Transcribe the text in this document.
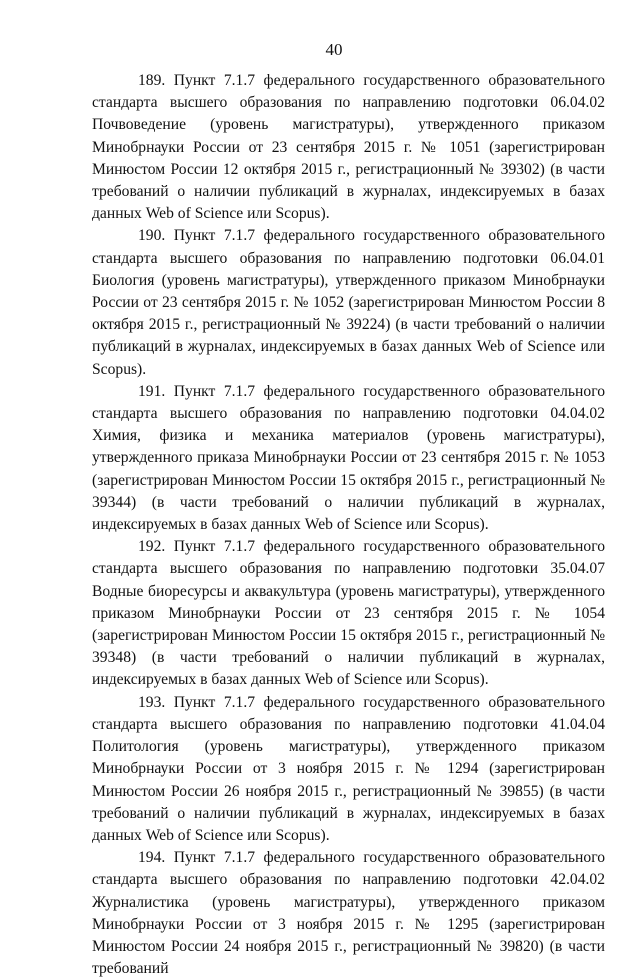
40

189. Пункт 7.1.7 федерального государственного образовательного стандарта высшего образования по направлению подготовки 06.04.02 Почвоведение (уровень магистратуры), утвержденного приказом Минобрнауки России от 23 сентября 2015 г. № 1051 (зарегистрирован Минюстом России 12 октября 2015 г., регистрационный № 39302) (в части требований о наличии публикаций в журналах, индексируемых в базах данных Web of Science или Scopus).

190. Пункт 7.1.7 федерального государственного образовательного стандарта высшего образования по направлению подготовки 06.04.01 Биология (уровень магистратуры), утвержденного приказом Минобрнауки России от 23 сентября 2015 г. № 1052 (зарегистрирован Минюстом России 8 октября 2015 г., регистрационный № 39224) (в части требований о наличии публикаций в журналах, индексируемых в базах данных Web of Science или Scopus).

191. Пункт 7.1.7 федерального государственного образовательного стандарта высшего образования по направлению подготовки 04.04.02 Химия, физика и механика материалов (уровень магистратуры), утвержденного приказа Минобрнауки России от 23 сентября 2015 г. № 1053 (зарегистрирован Минюстом России 15 октября 2015 г., регистрационный № 39344) (в части требований о наличии публикаций в журналах, индексируемых в базах данных Web of Science или Scopus).

192. Пункт 7.1.7 федерального государственного образовательного стандарта высшего образования по направлению подготовки 35.04.07 Водные биоресурсы и аквакультура (уровень магистратуры), утвержденного приказом Минобрнауки России от 23 сентября 2015 г. № 1054 (зарегистрирован Минюстом России 15 октября 2015 г., регистрационный № 39348) (в части требований о наличии публикаций в журналах, индексируемых в базах данных Web of Science или Scopus).

193. Пункт 7.1.7 федерального государственного образовательного стандарта высшего образования по направлению подготовки 41.04.04 Политология (уровень магистратуры), утвержденного приказом Минобрнауки России от 3 ноября 2015 г. № 1294 (зарегистрирован Минюстом России 26 ноября 2015 г., регистрационный № 39855) (в части требований о наличии публикаций в журналах, индексируемых в базах данных Web of Science или Scopus).

194. Пункт 7.1.7 федерального государственного образовательного стандарта высшего образования по направлению подготовки 42.04.02 Журналистика (уровень магистратуры), утвержденного приказом Минобрнауки России от 3 ноября 2015 г. № 1295 (зарегистрирован Минюстом России 24 ноября 2015 г., регистрационный № 39820) (в части требований
